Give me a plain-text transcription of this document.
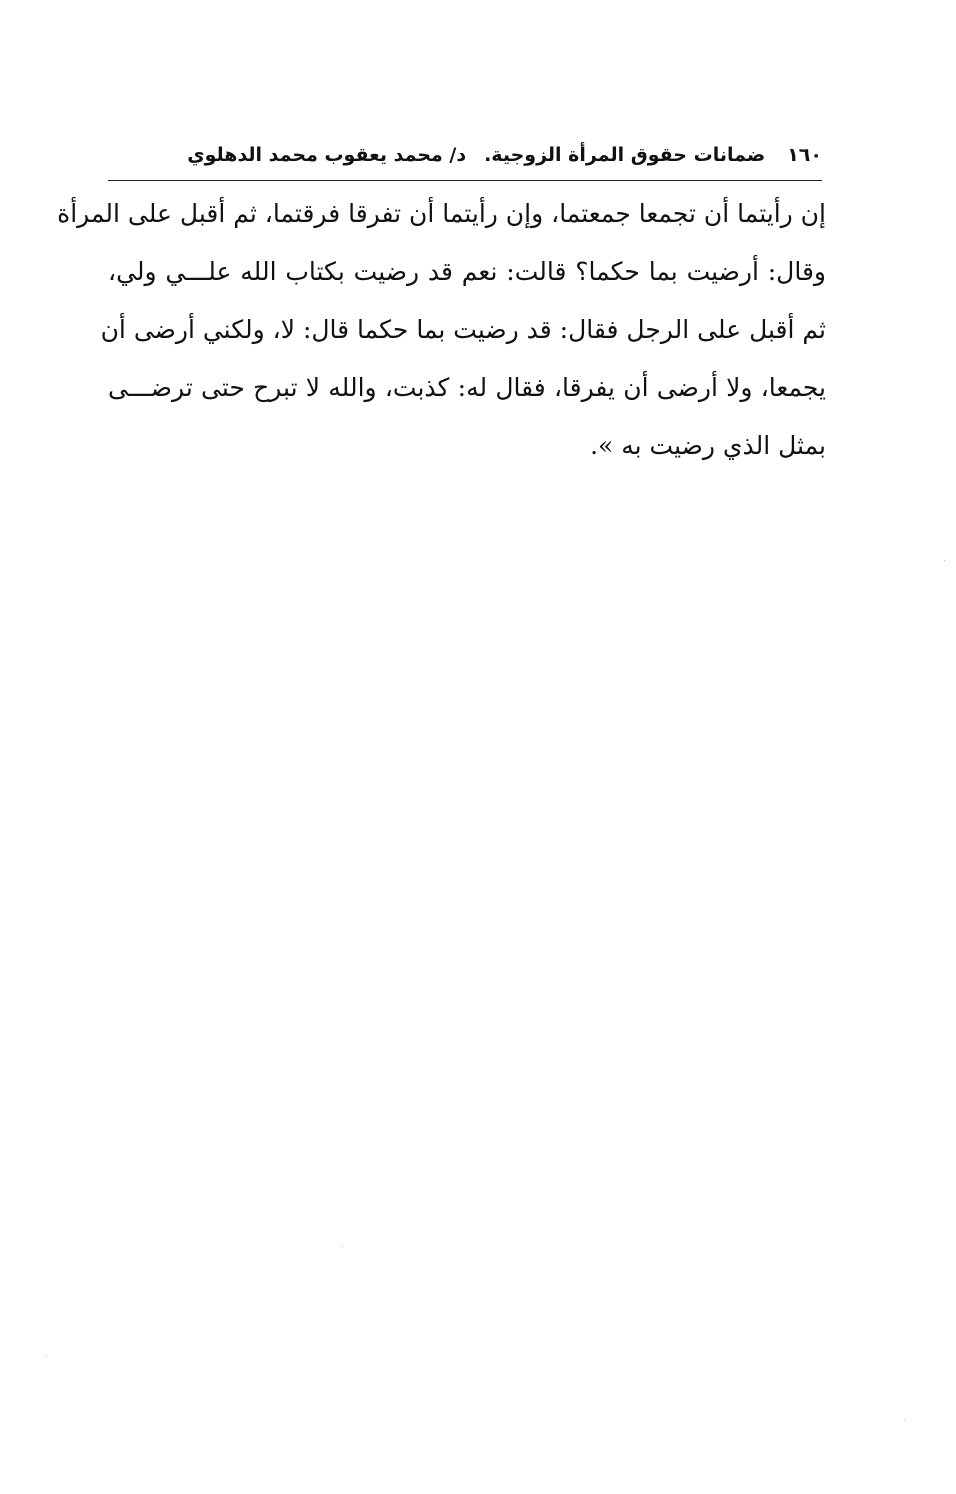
١٦٠
ضمانات حقوق المرأة الزوجية.
د/ محمد يعقوب محمد الدهلوي
إن رأيتما أن تجمعا جمعتما، وإن رأيتما أن تفرقا فرقتما، ثم أقبل على المرأة
وقال: أرضيت بما حكما؟ قالت: نعم قد رضيت بكتاب الله علـــي ولي،
ثم أقبل على الرجل فقال: قد رضيت بما حكما قال: لا، ولكني أرضى أن
يجمعا، ولا أرضى أن يفرقا، فقال له: كذبت، والله لا تبرح حتى ترضـــى
بمثل الذي رضيت به ».
